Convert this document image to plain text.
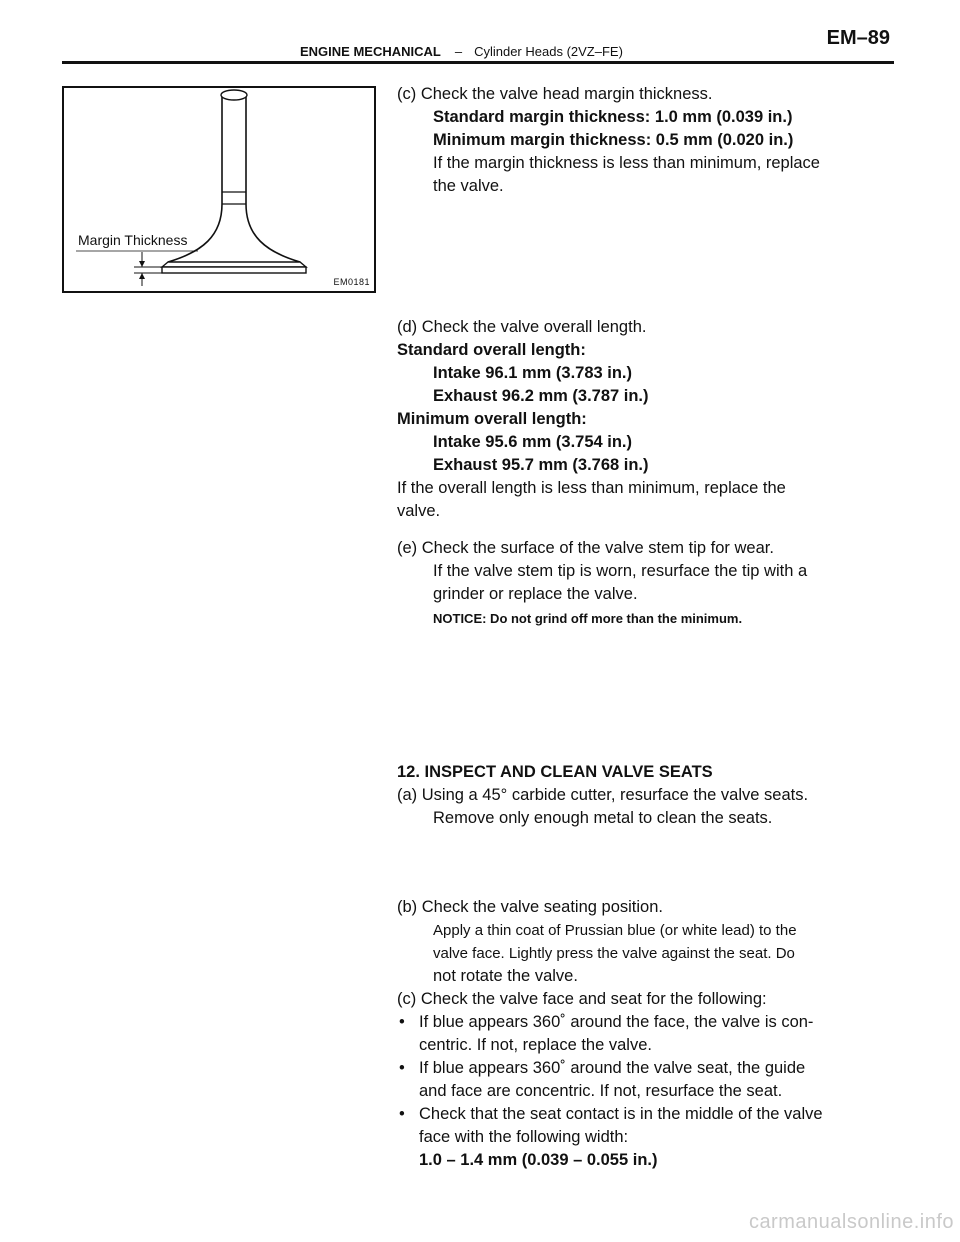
ENGINE MECHANICAL – Cylinder Heads (2VZ–FE)
EM–89
Margin Thickness
EM0181
(c) Check the valve head margin thickness.
Standard margin thickness: 1.0 mm (0.039 in.)
Minimum margin thickness: 0.5 mm (0.020 in.)
If the margin thickness is less than minimum, replace
the valve.
(d) Check the valve overall length.
Standard overall length:
Intake 96.1 mm (3.783 in.)
Exhaust 96.2 mm (3.787 in.)
Minimum overall length:
Intake 95.6 mm (3.754 in.)
Exhaust 95.7 mm (3.768 in.)
If the overall length is less than minimum, replace the
valve.
(e) Check the surface of the valve stem tip for wear.
If the valve stem tip is worn, resurface the tip with a
grinder or replace the valve.
NOTICE: Do not grind off more than the minimum.
12. INSPECT AND CLEAN VALVE SEATS
(a) Using a 45° carbide cutter, resurface the valve seats.
Remove only enough metal to clean the seats.
(b) Check the valve seating position.
Apply a thin coat of Prussian blue (or white lead) to the
valve face. Lightly press the valve against the seat. Do
not rotate the valve.
(c) Check the valve face and seat for the following:
• If blue appears 360˚ around the face, the valve is con-
centric. If not, replace the valve.
• If blue appears 360˚ around the valve seat, the guide
and face are concentric. If not, resurface the seat.
• Check that the seat contact is in the middle of the valve
face with the following width:
1.0 – 1.4 mm (0.039 – 0.055 in.)
carmanualsonline.info
